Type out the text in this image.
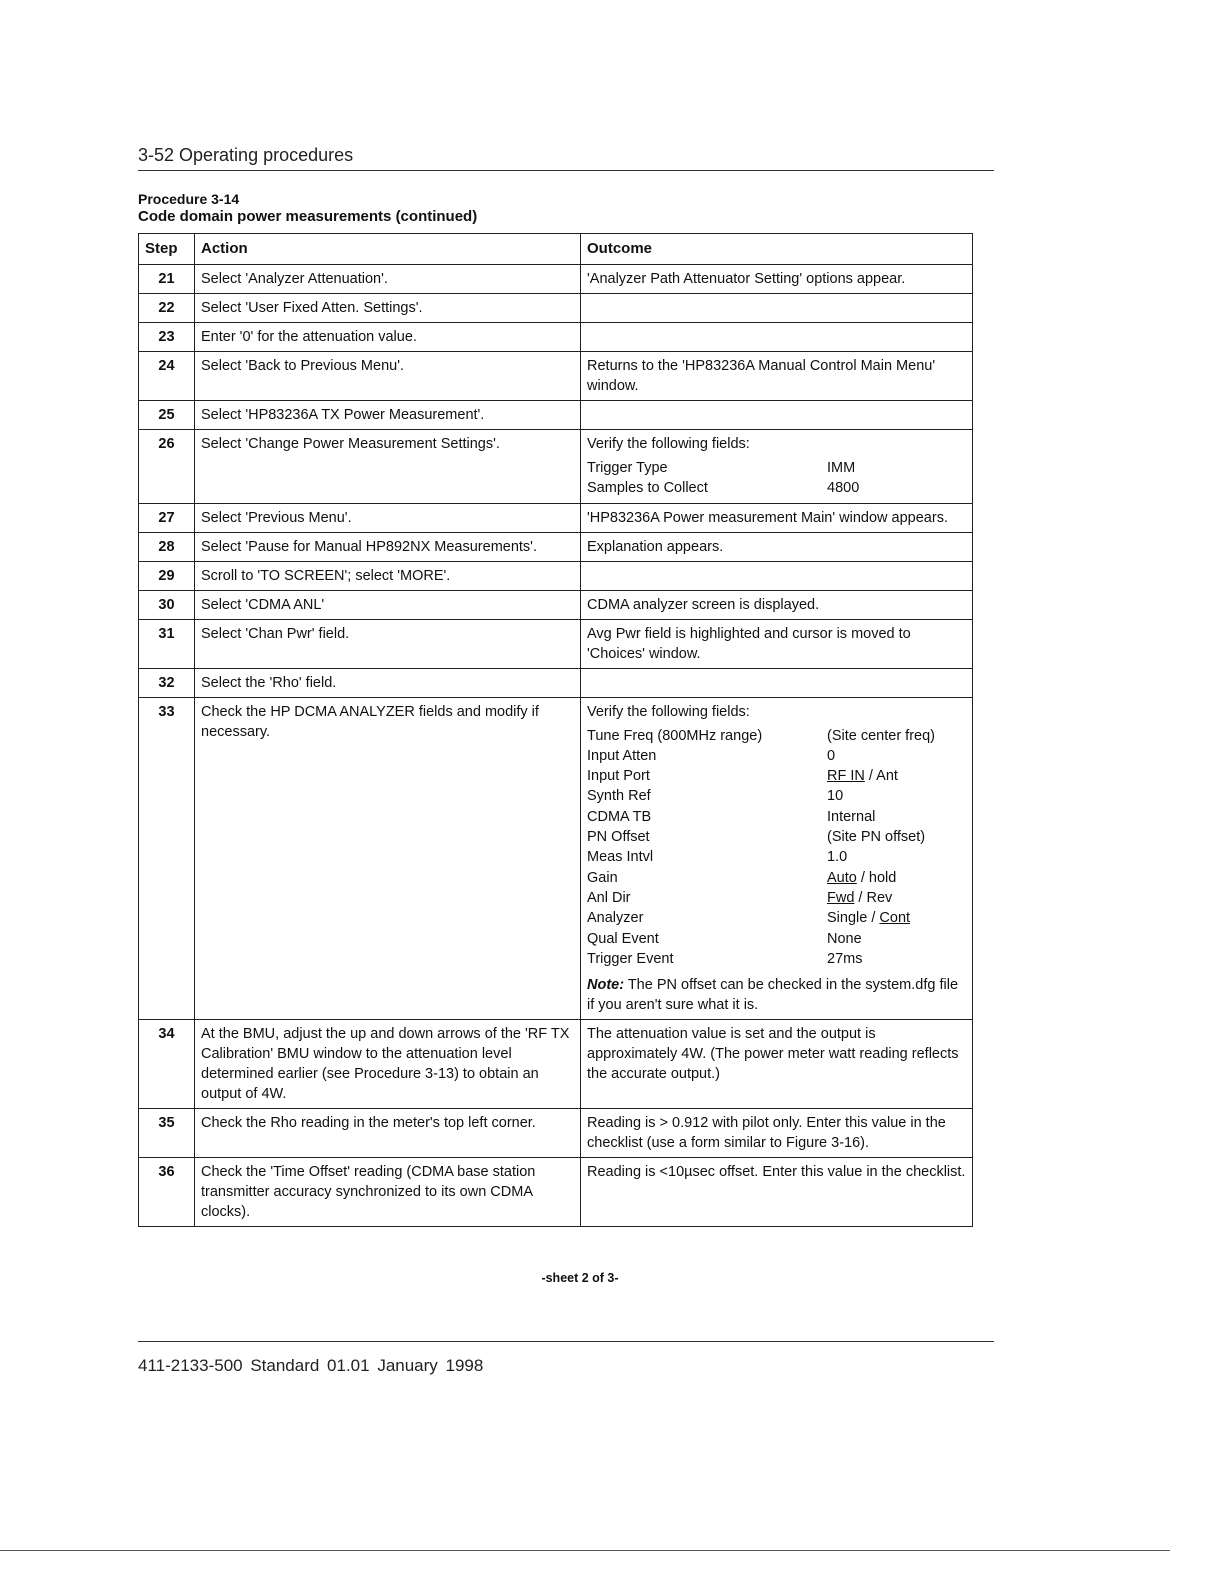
3-52 Operating procedures
Procedure 3-14
Code domain power measurements (continued)
Step	Action	Outcome
21	Select 'Analyzer Attenuation'.	'Analyzer Path Attenuator Setting' options appear.
22	Select 'User Fixed Atten. Settings'.	
23	Enter '0' for the attenuation value.	
24	Select 'Back to Previous Menu'.	Returns to the 'HP83236A Manual Control Main Menu' window.
25	Select 'HP83236A TX Power Measurement'.	
26	Select 'Change Power Measurement Settings'.	Verify the following fields:
Trigger Type	IMM
Samples to Collect	4800

27	Select 'Previous Menu'.	'HP83236A Power measurement Main' window appears.
28	Select 'Pause for Manual HP892NX Measurements'.	Explanation appears.
29	Scroll to 'TO SCREEN'; select 'MORE'.	
30	Select 'CDMA ANL'	CDMA analyzer screen is displayed.
31	Select 'Chan Pwr' field.	Avg Pwr field is highlighted and cursor is moved to 'Choices' window.
32	Select the 'Rho' field.	
33	Check the HP DCMA ANALYZER fields and modify if necessary.	
Verify the following fields:
Tune Freq (800MHz range)	(Site center freq)
Input Atten	0
Input Port	RF IN / Ant
Synth Ref	10
CDMA TB	Internal
PN Offset	(Site PN offset)
Meas Intvl	1.0
Gain	Auto / hold
Anl Dir	Fwd / Rev
Analyzer	Single / Cont
Qual Event	None
Trigger Event	27ms
Note: The PN offset can be checked in the system.dfg file if you aren't sure what it is.

34	At the BMU, adjust the up and down arrows of the 'RF TX Calibration' BMU window to the attenuation level determined earlier (see Procedure 3-13) to obtain an output of 4W.	The attenuation value is set and the output is approximately 4W. (The power meter watt reading reflects the accurate output.)
35	Check the Rho reading in the meter's top left corner.	Reading is > 0.912 with pilot only. Enter this value in the checklist (use a form similar to Figure 3-16).
36	Check the 'Time Offset' reading (CDMA base station transmitter accuracy synchronized to its own CDMA clocks).	Reading is <10µsec offset. Enter this value in the checklist.
-sheet 2 of 3-
411-2133-500 Standard 01.01 January 1998
